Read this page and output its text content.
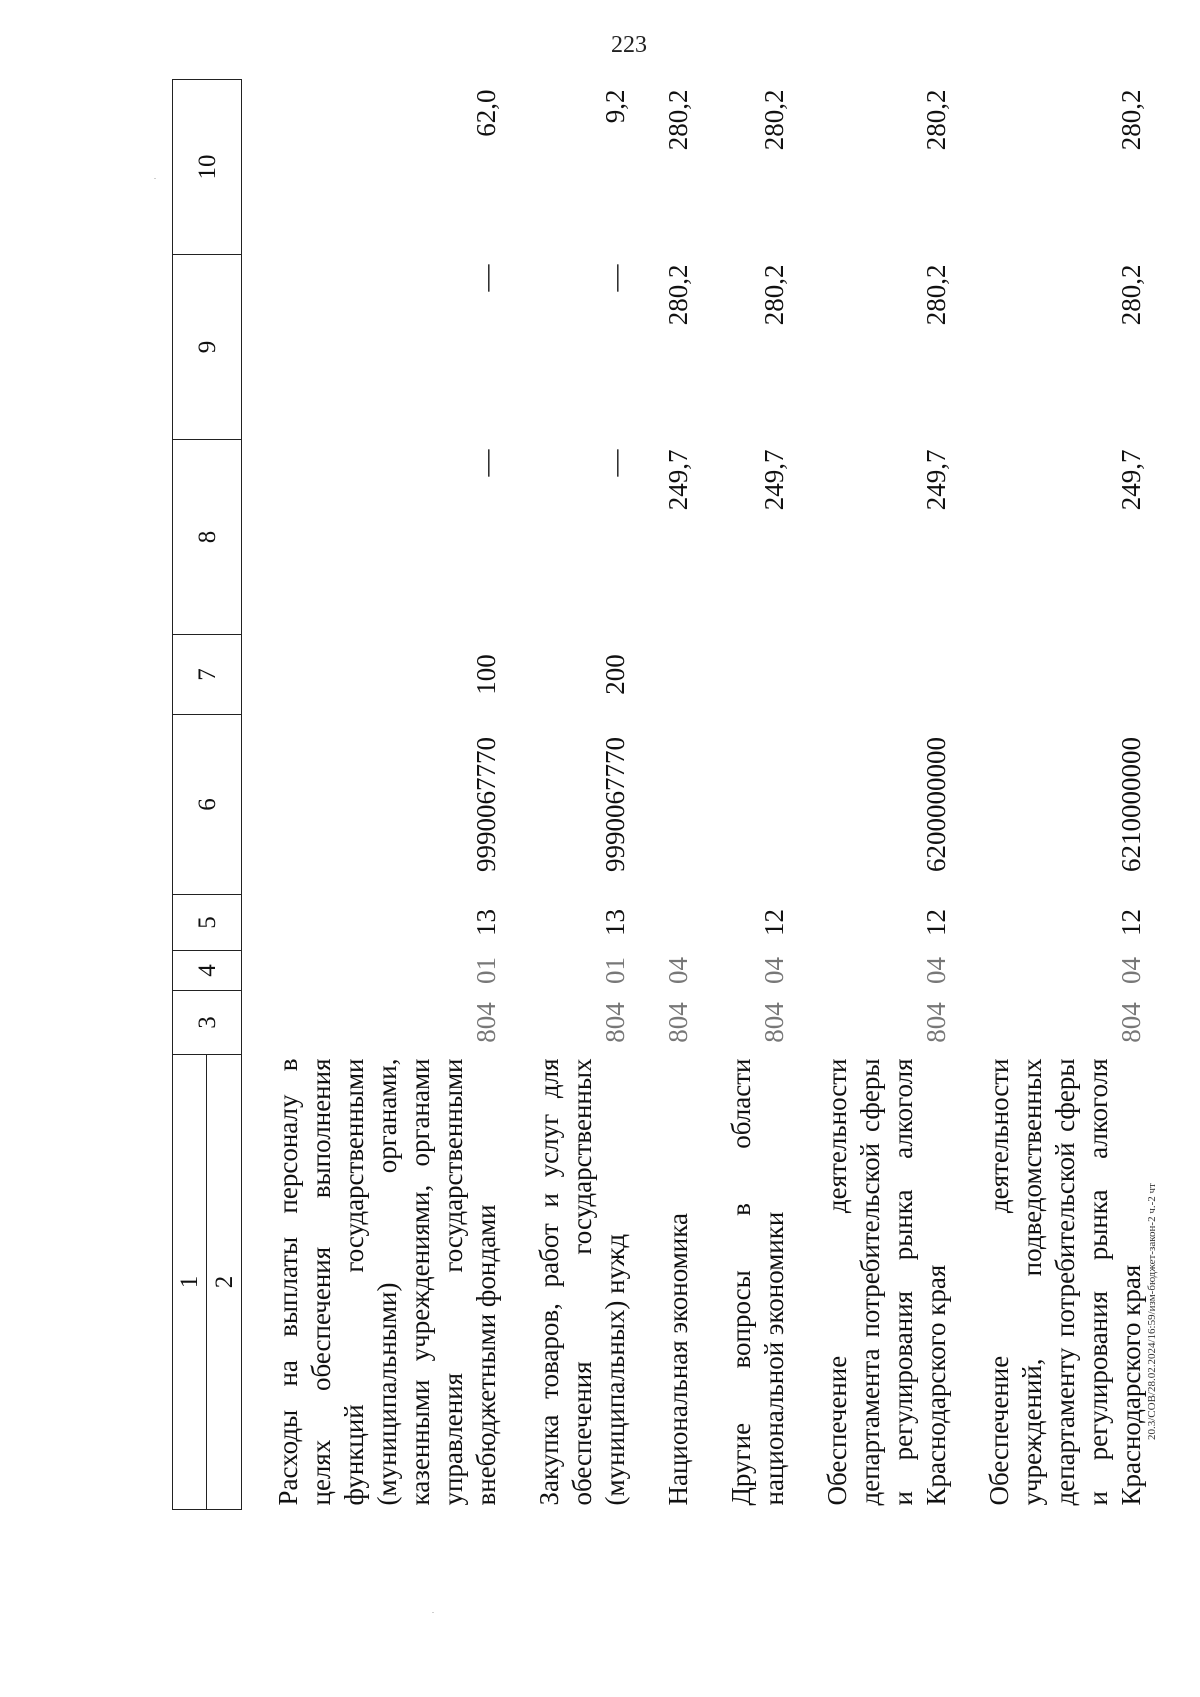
223
20.3/СОВ/28.02.2024/16:59/изм-бюджет-закон-2 ч.-2 чт
1	3	4	5	6	7	8	9	10
2								

Расходы на выплаты персоналу в целях обеспечения выполнения функций государственными (муниципальными) органами, казенными учреждениями, органами управления государственными внебюджетными фондами	804	01	13	9990067770	100	—	—	62,0

Закупка товаров, работ и услуг для обеспечения государственных (муниципальных) нужд	804	01	13	9990067770	200	—	—	9,2

Национальная экономика	804	04				249,7	280,2	280,2

Другие вопросы в области национальной экономики	804	04	12			249,7	280,2	280,2

Обеспечение деятельности департамента потребительской сферы и регулирования рынка алкоголя Краснодарского края	804	04	12	6200000000		249,7	280,2	280,2

Обеспечение деятельности учреждений, подведомственных департаменту потребительской сферы и регулирования рынка алкоголя Краснодарского края	804	04	12	6210000000		249,7	280,2	280,2
